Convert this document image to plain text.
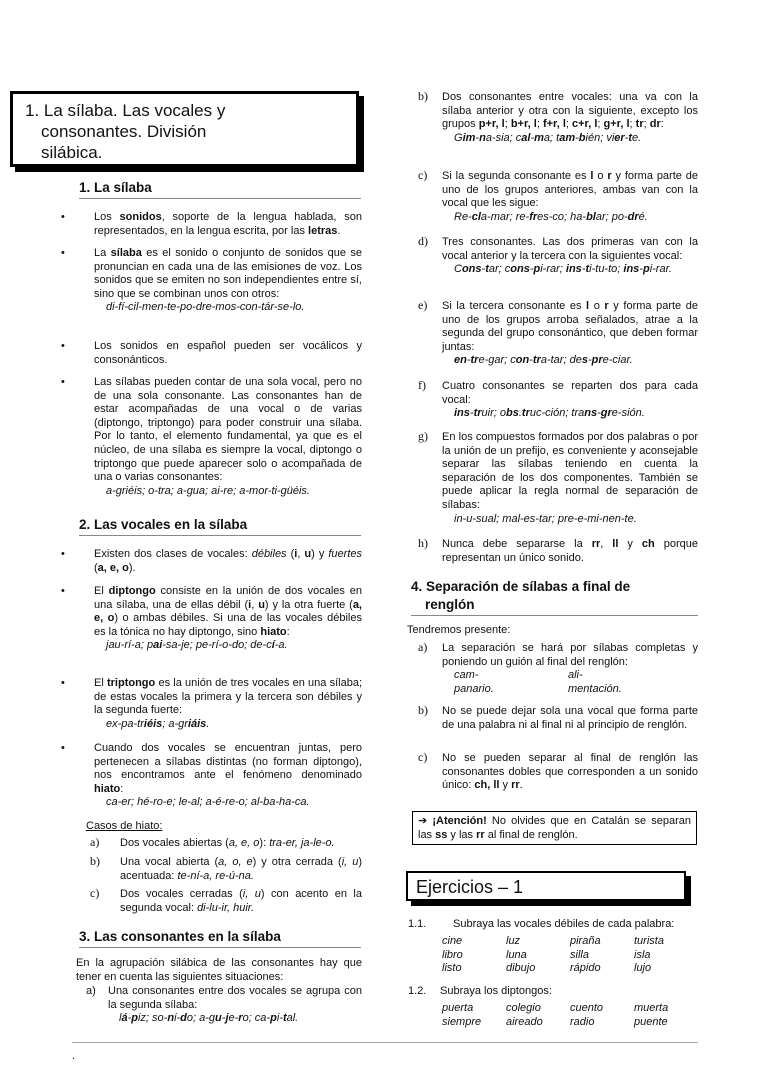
1. La sílaba. Las vocales y
consonantes. División
silábica.
1. La sílaba
•	Los sonidos, soporte de la lengua hablada, son representados, en la lengua escrita, por las letras.
•	La sílaba es el sonido o conjunto de sonidos que se pronuncian en cada una de las emisiones de voz. Los sonidos que se emiten no son independientes entre sí, sino que se combinan unos con otros:
di-fí-cil-men-te-po-dre-mos-con-tár-se-lo.
•	Los sonidos en español pueden ser vocálicos y consonánticos.
•	Las sílabas pueden contar de una sola vocal, pero no de una sola consonante. Las consonantes han de estar acompañadas de una vocal o de varias (diptongo, triptongo) para poder construir una sílaba. Por lo tanto, el elemento fundamental, ya que es el núcleo, de una sílaba es siempre la vocal, diptongo o triptongo que puede aparecer solo o acompañada de una o varias consonantes:
a-griéis; o-tra; a-gua; ai-re; a-mor-ti-güéis.
2. Las vocales en la sílaba
•	Existen dos clases de vocales: débiles (i, u) y fuertes (a, e, o).
•	El diptongo consiste en la unión de dos vocales en una sílaba, una de ellas débil (i, u) y la otra fuerte (a, e, o) o ambas débiles. Si una de las vocales débiles es la tónica no hay diptongo, sino hiato:
jau-rí-a; pai-sa-je; pe-rí-o-do; de-cí-a.
•	El triptongo es la unión de tres vocales en una sílaba; de estas vocales la primera y la tercera son débiles y la segunda fuerte:
ex-pa-triéis; a-griáis.
•	Cuando dos vocales se encuentran juntas, pero pertenecen a sílabas distintas (no forman diptongo), nos encontramos ante el fenómeno denominado hiato:
ca-er; hé-ro-e; le-al; a-é-re-o; al-ba-ha-ca.
Casos de hiato:
a)	Dos vocales abiertas (a, e, o): tra-er, ja-le-o.
b)	Una vocal abierta (a, o, e) y otra cerrada (i, u) acentuada: te-ní-a, re-ú-na.
c)	Dos vocales cerradas (i, u) con acento en la segunda vocal: di-lu-ir, huir.
3. Las consonantes en la sílaba
En la agrupación silábica de las consonantes hay que tener en cuenta las siguientes situaciones:
a)	Una consonantes entre dos vocales se agrupa con la segunda sílaba:
lá-piz; so-ni-do; a-gu-je-ro; ca-pi-tal.
b)	Dos consonantes entre vocales: una va con la sílaba anterior y otra con la siguiente, excepto los grupos p+r, l; b+r, l; f+r, l; c+r, l; g+r, l; tr; dr:
Gim-na-sia; cal-ma; tam-bién; vier-te.
c)	Si la segunda consonante es l o r y forma parte de uno de los grupos anteriores, ambas van con la vocal que les sigue:
Re-cla-mar; re-fres-co; ha-blar; po-dré.
d)	Tres consonantes. Las dos primeras van con la vocal anterior y la tercera con la siguientes vocal:
Cons-tar; cons-pi-rar; ins-ti-tu-to; ins-pi-rar.
e)	Si la tercera consonante es l o r y forma parte de uno de los grupos arroba señalados, atrae a la segunda del grupo consonántico, que deben formar juntas:
en-tre-gar; con-tra-tar; des-pre-ciar.
f)	Cuatro consonantes se reparten dos para cada vocal:
ins-truir; obs.truc-ción; trans-gre-sión.
g)	En los compuestos formados por dos palabras o por la unión de un prefijo, es conveniente y aconsejable separar las sílabas teniendo en cuenta la separación de los dos componentes. También se puede aplicar la regla normal de separación de sílabas:
in-u-sual; mal-es-tar; pre-e-mi-nen-te.
h)	Nunca debe separarse la rr, ll y ch porque representan un único sonido.
4. Separación de sílabas a final de
renglón
Tendremos presente:
a)	La separación se hará por sílabas completas y poniendo un guión al final del renglón:
cam-	ali-
panario.	mentación.
b)	No se puede dejar sola una vocal que forma parte de una palabra ni al final ni al principio de renglón.
c)	No se pueden separar al final de renglón las consonantes dobles que corresponden a un sonido único: ch, ll y rr.
➔ ¡Atención! No olvides que en Catalán se separan las ss y las rr al final de renglón.
Ejercicios – 1
1.1. Subraya las vocales débiles de cada palabra:
cine	luz	piraña	turista
libro	luna	silla	isla
listo	dibujo	rápido	lujo
1.2. Subraya los diptongos:
puerta	colegio	cuento	muerta
siempre aireado radio	puente
.
